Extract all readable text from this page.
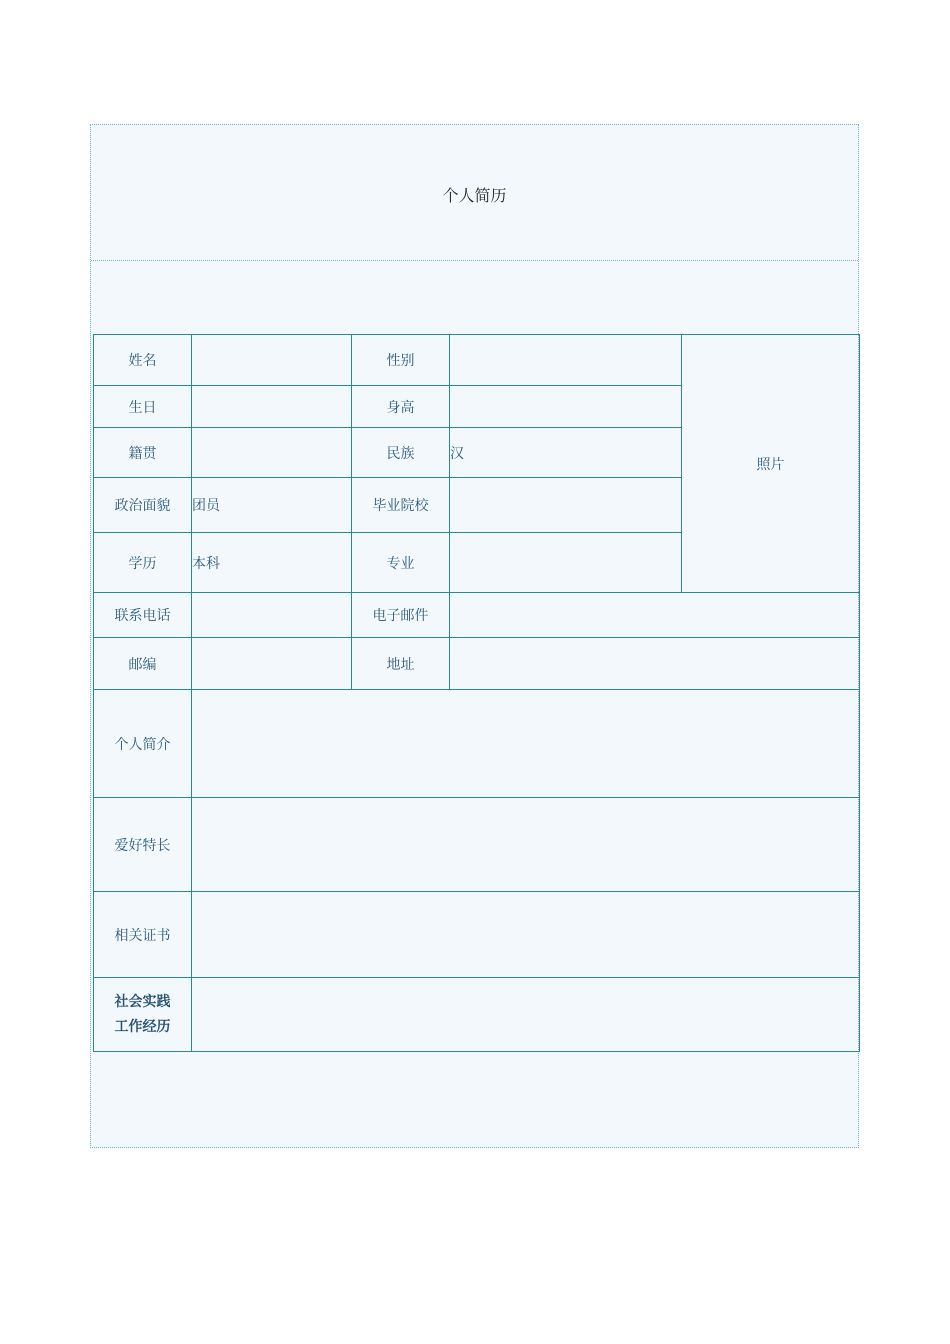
个人简历
姓名		性别		照片
生日		身高		
籍贯		民族	汉	
政治面貌	团员	毕业院校		
学历	本科	专业		
联系电话		电子邮件		
邮编		地址		
个人简介				
爱好特长				
相关证书				

社会实践
工作经历				
